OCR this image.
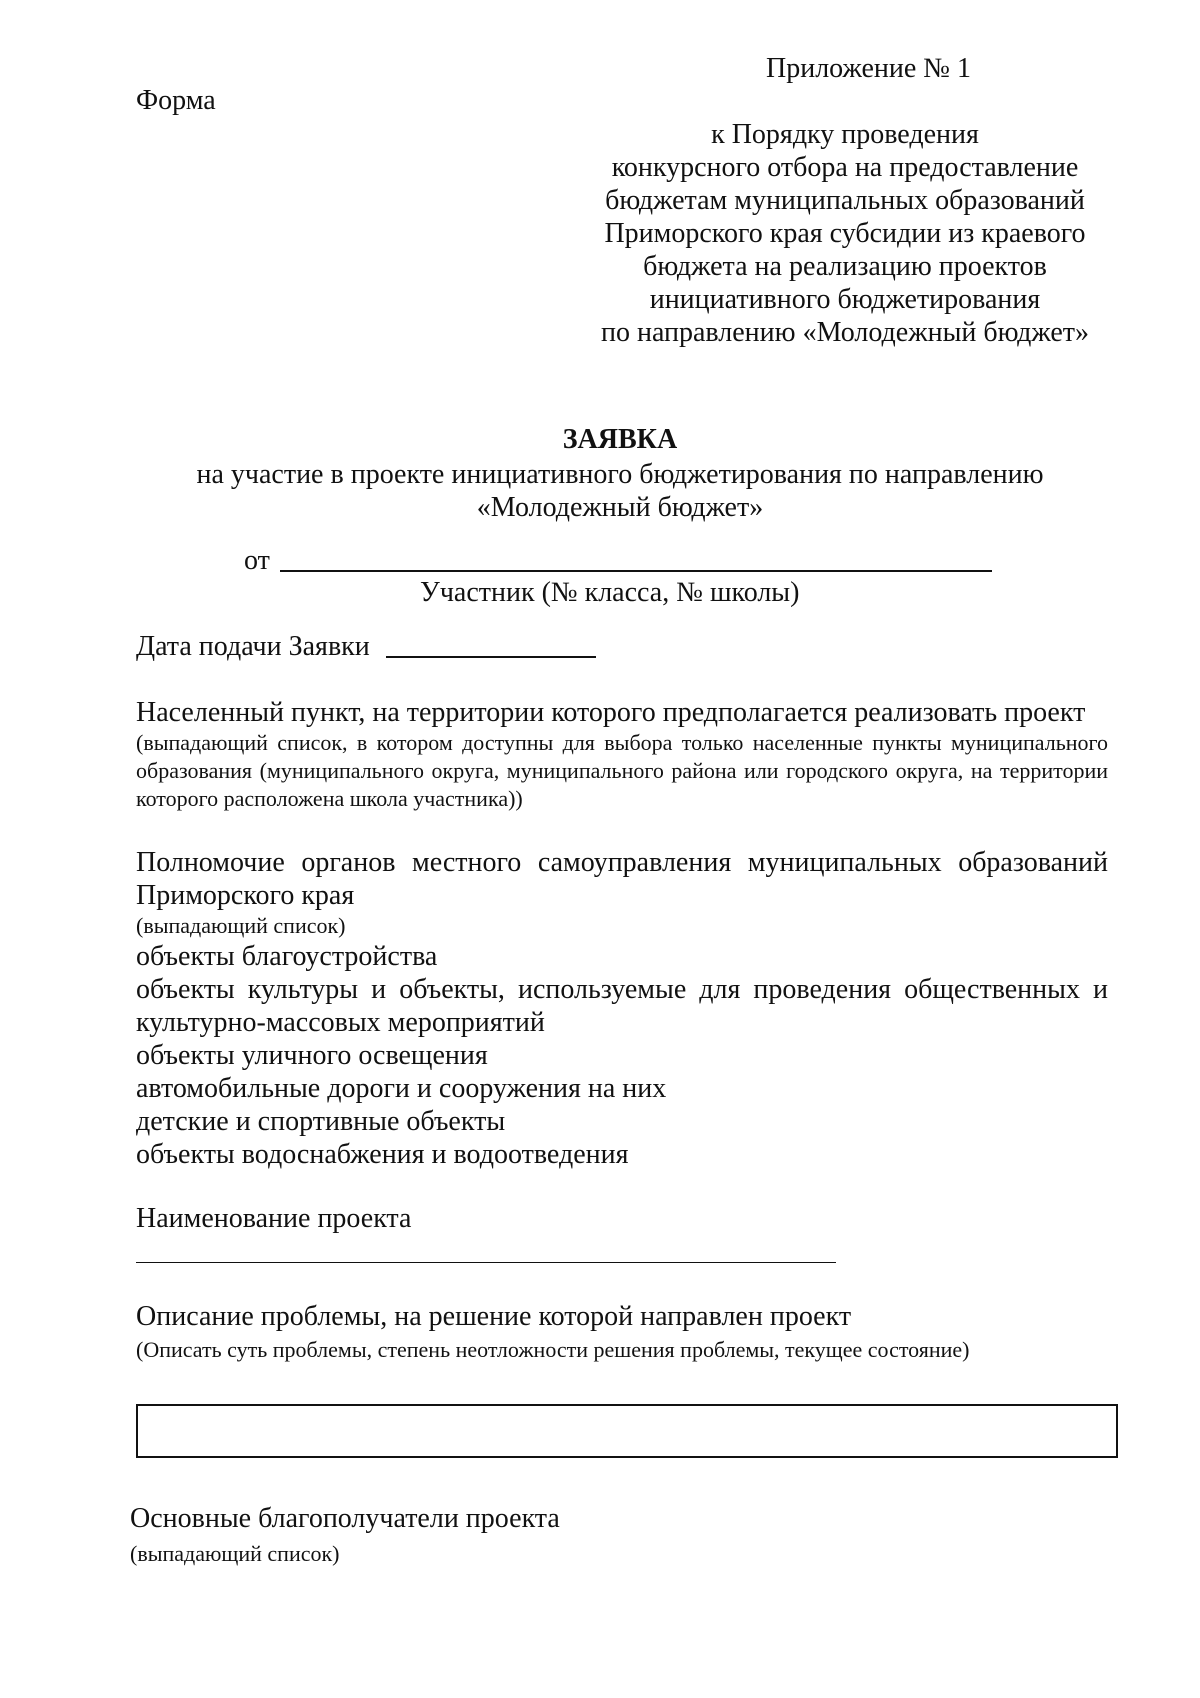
Приложение № 1
Форма
к Порядку проведения
конкурсного отбора на предоставление
бюджетам муниципальных образований
Приморского края субсидии из краевого
бюджета на реализацию проектов
инициативного бюджетирования
по направлению «Молодежный бюджет»
ЗАЯВКА
на участие в проекте инициативного бюджетирования по направлению «Молодежный бюджет»
от
Участник (№ класса, № школы)
Дата подачи Заявки
Населенный пункт, на территории которого предполагается реализовать проект
(выпадающий список, в котором доступны для выбора только населенные пункты муниципального образования (муниципального округа, муниципального района или городского округа, на территории которого расположена школа участника))
Полномочие органов местного самоуправления муниципальных образований Приморского края
(выпадающий список)
объекты благоустройства
объекты культуры и объекты, используемые для проведения общественных и культурно-массовых мероприятий
объекты уличного освещения
автомобильные дороги и сооружения на них
детские и спортивные объекты
объекты водоснабжения и водоотведения
Наименование проекта
Описание проблемы, на решение которой направлен проект
(Описать суть проблемы, степень неотложности решения проблемы, текущее состояние)
Основные благополучатели проекта
(выпадающий список)
